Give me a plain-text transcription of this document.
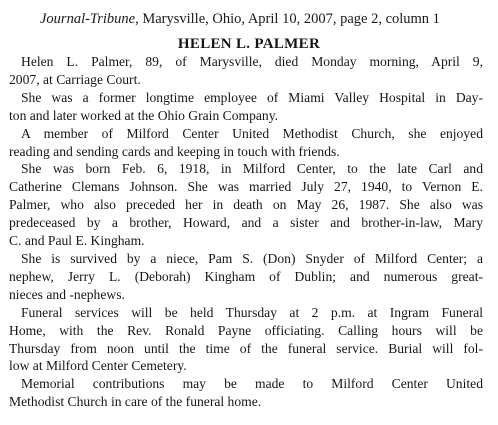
Journal-Tribune, Marysville, Ohio, April 10, 2007, page 2, column 1
HELEN L. PALMER
Helen L. Palmer, 89, of Marysville, died Monday morning, April 9,
2007, at Carriage Court.
She was a former longtime employee of Miami Valley Hospital in Day-
ton and later worked at the Ohio Grain Company.
A member of Milford Center United Methodist Church, she enjoyed
reading and sending cards and keeping in touch with friends.
She was born Feb. 6, 1918, in Milford Center, to the late Carl and
Catherine Clemans Johnson. She was married July 27, 1940, to Vernon E.
Palmer, who also preceded her in death on May 26, 1987. She also was
predeceased by a brother, Howard, and a sister and brother-in-law, Mary
C. and Paul E. Kingham.
She is survived by a niece, Pam S. (Don) Snyder of Milford Center; a
nephew, Jerry L. (Deborah) Kingham of Dublin; and numerous great-
nieces and -nephews.
Funeral services will be held Thursday at 2 p.m. at Ingram Funeral
Home, with the Rev. Ronald Payne officiating. Calling hours will be
Thursday from noon until the time of the funeral service. Burial will fol-
low at Milford Center Cemetery.
Memorial contributions may be made to Milford Center United
Methodist Church in care of the funeral home.
